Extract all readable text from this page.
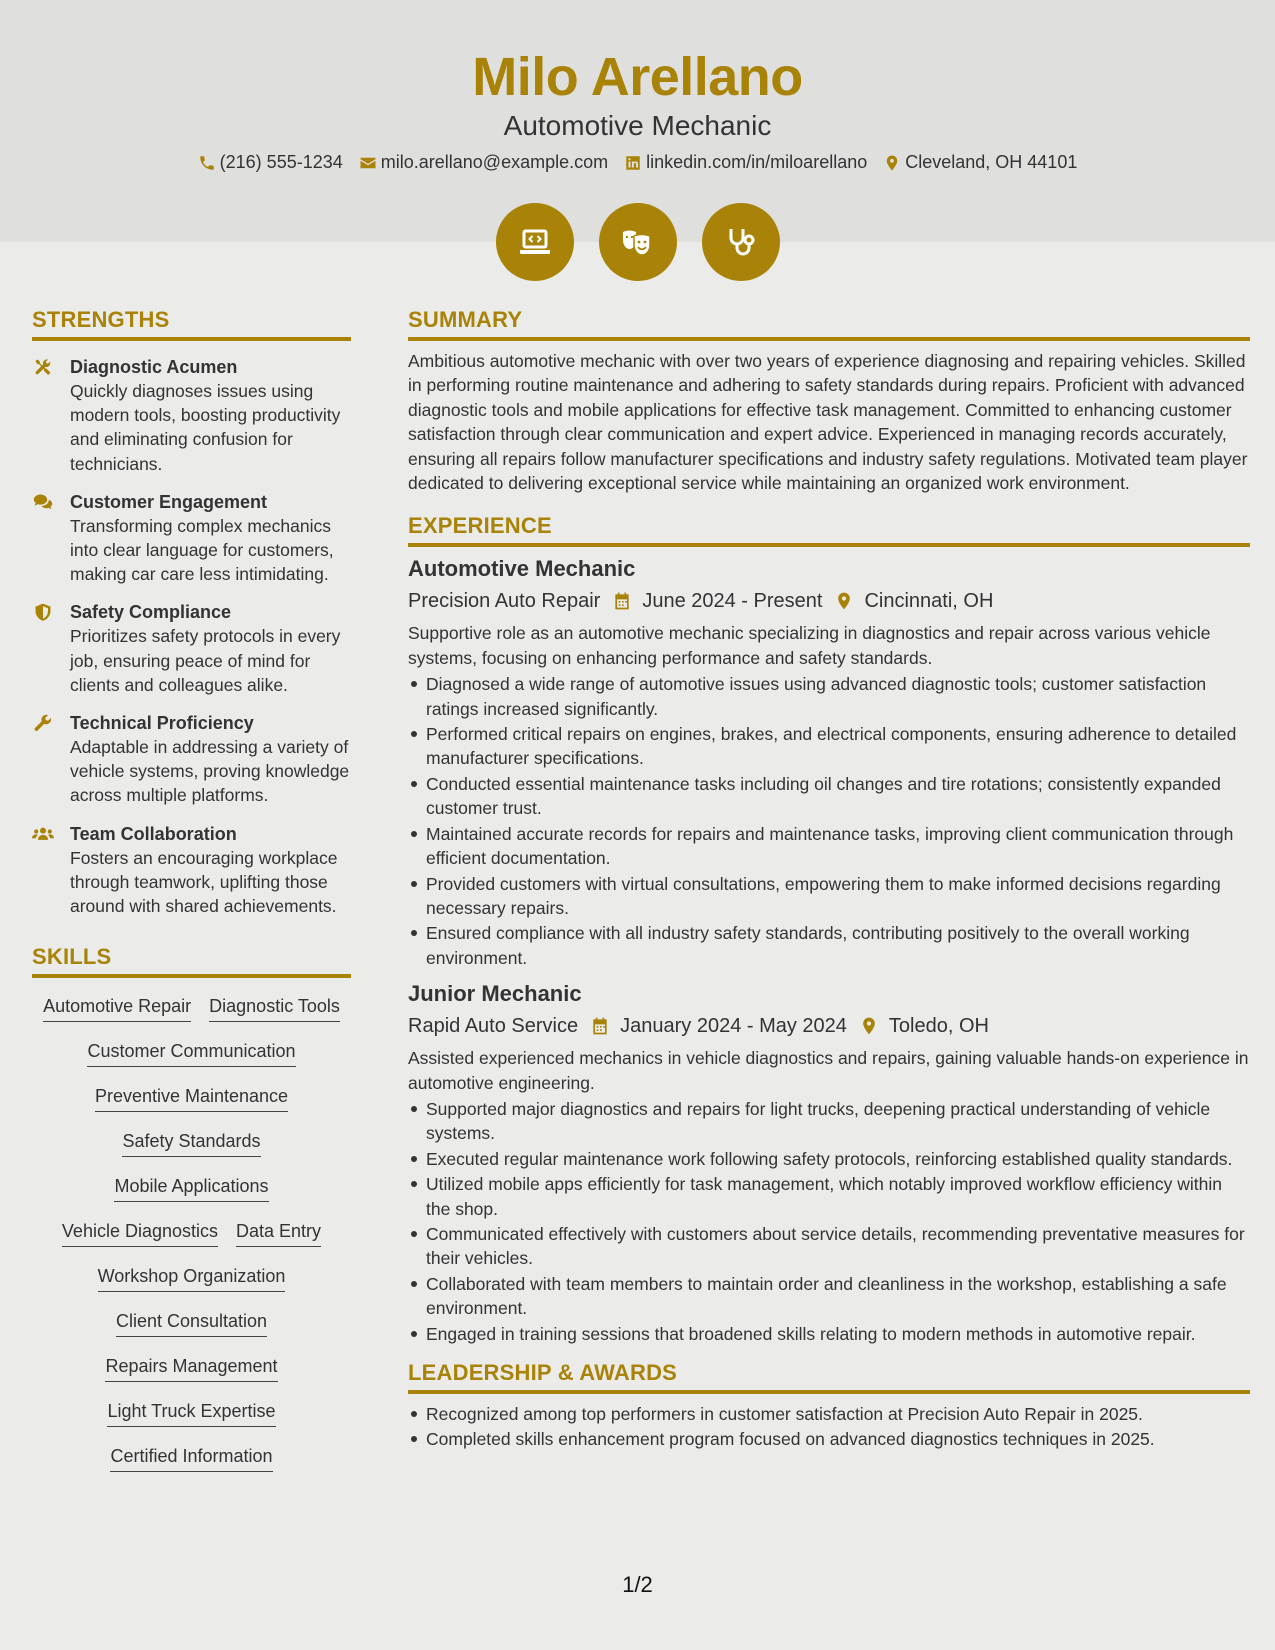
Milo Arellano
Automotive Mechanic
(216) 555-1234 milo.arellano@example.com linkedin.com/in/miloarellano Cleveland, OH 44101
STRENGTHS
Diagnostic Acumen
Quickly diagnoses issues using modern tools, boosting productivity and eliminating confusion for technicians.
Customer Engagement
Transforming complex mechanics into clear language for customers, making car care less intimidating.
Safety Compliance
Prioritizes safety protocols in every job, ensuring peace of mind for clients and colleagues alike.
Technical Proficiency
Adaptable in addressing a variety of vehicle systems, proving knowledge across multiple platforms.
Team Collaboration
Fosters an encouraging workplace through teamwork, uplifting those around with shared achievements.
SKILLS
Automotive Repair Diagnostic Tools
Customer Communication
Preventive Maintenance
Safety Standards
Mobile Applications
Vehicle Diagnostics Data Entry
Workshop Organization
Client Consultation
Repairs Management
Light Truck Expertise
Certified Information
SUMMARY
Ambitious automotive mechanic with over two years of experience diagnosing and repairing vehicles. Skilled in performing routine maintenance and adhering to safety standards during repairs. Proficient with advanced diagnostic tools and mobile applications for effective task management. Committed to enhancing customer satisfaction through clear communication and expert advice. Experienced in managing records accurately, ensuring all repairs follow manufacturer specifications and industry safety regulations. Motivated team player dedicated to delivering exceptional service while maintaining an organized work environment.
EXPERIENCE
Automotive Mechanic
Precision Auto Repair June 2024 - Present Cincinnati, OH
Supportive role as an automotive mechanic specializing in diagnostics and repair across various vehicle systems, focusing on enhancing performance and safety standards.
Diagnosed a wide range of automotive issues using advanced diagnostic tools; customer satisfaction ratings increased significantly.
Performed critical repairs on engines, brakes, and electrical components, ensuring adherence to detailed manufacturer specifications.
Conducted essential maintenance tasks including oil changes and tire rotations; consistently expanded customer trust.
Maintained accurate records for repairs and maintenance tasks, improving client communication through efficient documentation.
Provided customers with virtual consultations, empowering them to make informed decisions regarding necessary repairs.
Ensured compliance with all industry safety standards, contributing positively to the overall working environment.
Junior Mechanic
Rapid Auto Service January 2024 - May 2024 Toledo, OH
Assisted experienced mechanics in vehicle diagnostics and repairs, gaining valuable hands-on experience in automotive engineering.
Supported major diagnostics and repairs for light trucks, deepening practical understanding of vehicle systems.
Executed regular maintenance work following safety protocols, reinforcing established quality standards.
Utilized mobile apps efficiently for task management, which notably improved workflow efficiency within the shop.
Communicated effectively with customers about service details, recommending preventative measures for their vehicles.
Collaborated with team members to maintain order and cleanliness in the workshop, establishing a safe environment.
Engaged in training sessions that broadened skills relating to modern methods in automotive repair.
LEADERSHIP & AWARDS
Recognized among top performers in customer satisfaction at Precision Auto Repair in 2025.
Completed skills enhancement program focused on advanced diagnostics techniques in 2025.
1/2
